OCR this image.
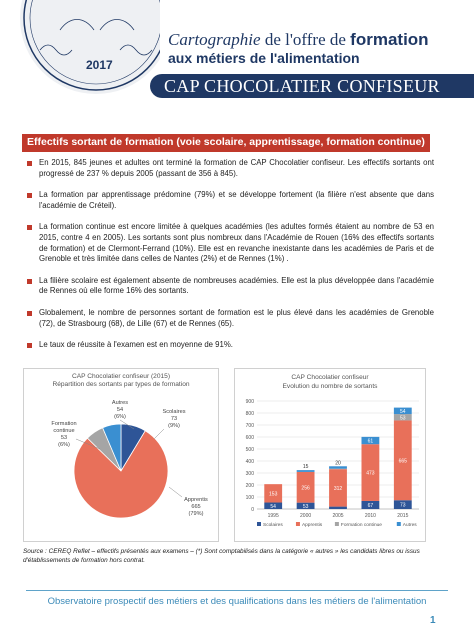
2017
Cartographie de l'offre de formation
aux métiers de l'alimentation
CAP CHOCOLATIER CONFISEUR
Effectifs sortant de formation (voie scolaire, apprentissage, formation continue)
En 2015, 845 jeunes et adultes ont terminé la formation de CAP Chocolatier confiseur. Les effectifs sortants ont progressé de 237 % depuis 2005 (passant de 356 à 845).
La formation par apprentissage prédomine (79%) et se développe fortement (la filière n'est absente que dans l'académie de Créteil).
La formation continue est encore limitée à quelques académies (les adultes formés étaient au nombre de 53 en 2015, contre 4 en 2005). Les sortants sont plus nombreux dans l'Académie de Rouen (16% des effectifs sortants de formation) et de Clermont-Ferrand (10%). Elle est en revanche inexistante dans les académies de Paris et de Grenoble et très limitée dans celles de Nantes (2%) et de Rennes (1%) .
La filière scolaire est également absente de nombreuses académies. Elle est la plus développée dans l'académie de Rennes où elle forme 16% des sortants.
Globalement, le nombre de personnes sortant de formation est le plus élevé dans les académies de Grenoble (72), de Strasbourg (68), de Lille (67) et de Rennes (65).
Le taux de réussite à l'examen est en moyenne de 91%.
CAP Chocolatier confiseur (2015)
Répartition des sortants par types de formation
Scolaires
73
(9%)
Autres
54
(6%)
Formation
continue
53
(6%)
Apprentis
665
(79%)
CAP Chocolatier confiseur
Evolution du nombre de sortants
0
100
200
300
400
500
600
700
800
900
54
153
1995
53
256
15
2000
312
20
2005
67
473
61
2010
73
665
53
54
2015
Scolaires	Apprentis	Formation continue	Autres
Source : CEREQ Reflet – effectifs présentés aux examens – (*) Sont comptabilisés dans la catégorie « autres » les candidats libres ou issus d'établissements de formation hors contrat.
Observatoire prospectif des métiers et des qualifications dans les métiers de l'alimentation
1
